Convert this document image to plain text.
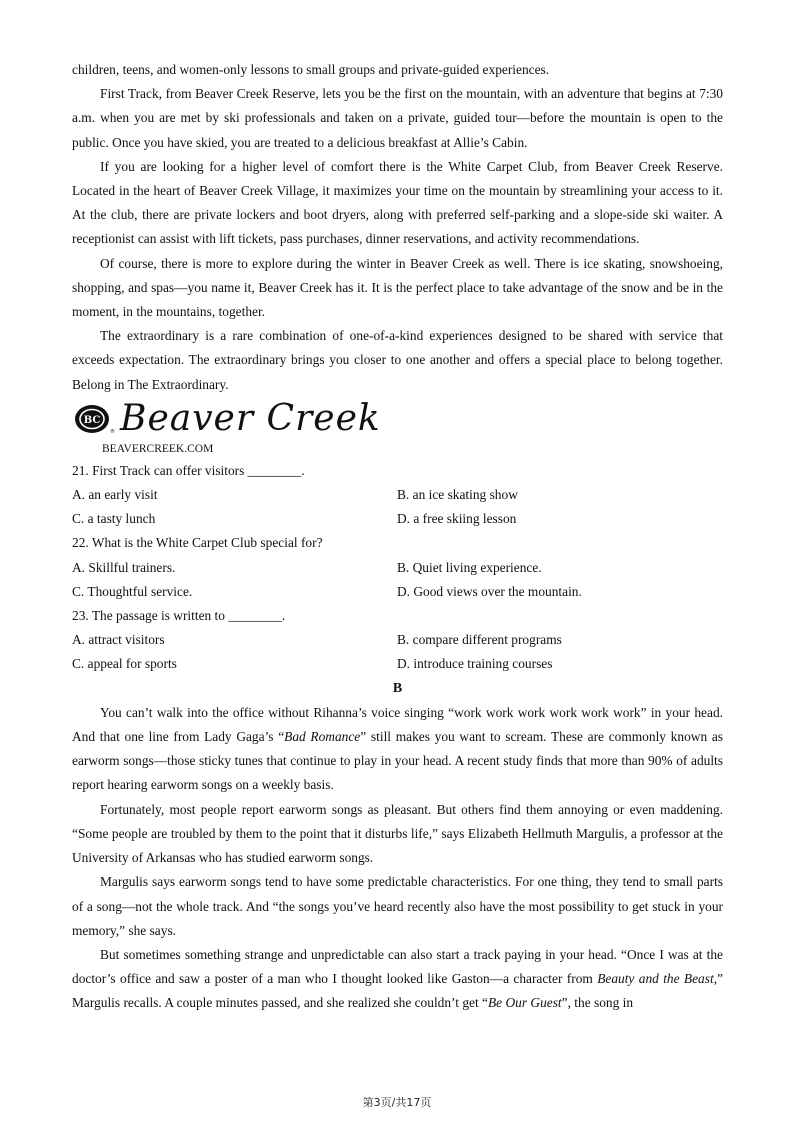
children, teens, and women-only lessons to small groups and private-guided experiences.

First Track, from Beaver Creek Reserve, lets you be the first on the mountain, with an adventure that begins at 7:30 a.m. when you are met by ski professionals and taken on a private, guided tour—before the mountain is open to the public. Once you have skied, you are treated to a delicious breakfast at Allie’s Cabin.

If you are looking for a higher level of comfort there is the White Carpet Club, from Beaver Creek Reserve. Located in the heart of Beaver Creek Village, it maximizes your time on the mountain by streamlining your access to it. At the club, there are private lockers and boot dryers, along with preferred self-parking and a slope-side ski waiter. A receptionist can assist with lift tickets, pass purchases, dinner reservations, and activity recommendations.

Of course, there is more to explore during the winter in Beaver Creek as well. There is ice skating, snowshoeing, shopping, and spas—you name it, Beaver Creek has it. It is the perfect place to take advantage of the snow and be in the moment, in the mountains, together.

The extraordinary is a rare combination of one-of-a-kind experiences designed to be shared with service that exceeds expectation. The extraordinary brings you closer to one another and offers a special place to belong together. Belong in The Extraordinary.

BC
® Beaver Creek
BEAVERCREEK.COM
21. First Track can offer visitors ________.
A. an early visit	B. an ice skating show
C. a tasty lunch	D. a free skiing lesson
22. What is the White Carpet Club special for?
A. Skillful trainers.	B. Quiet living experience.
C. Thoughtful service.	D. Good views over the mountain.
23. The passage is written to ________.
A. attract visitors	B. compare different programs
C. appeal for sports	D. introduce training courses
B

You can’t walk into the office without Rihanna’s voice singing “work work work work work work” in your head. And that one line from Lady Gaga’s “Bad Romance” still makes you want to scream. These are commonly known as earworm songs—those sticky tunes that continue to play in your head. A recent study finds that more than 90% of adults report hearing earworm songs on a weekly basis.

Fortunately, most people report earworm songs as pleasant. But others find them annoying or even maddening. “Some people are troubled by them to the point that it disturbs life,” says Elizabeth Hellmuth Margulis, a professor at the University of Arkansas who has studied earworm songs.

Margulis says earworm songs tend to have some predictable characteristics. For one thing, they tend to small parts of a song—not the whole track. And “the songs you’ve heard recently also have the most possibility to get stuck in your memory,” she says.

But sometimes something strange and unpredictable can also start a track paying in your head. “Once I was at the doctor’s office and saw a poster of a man who I thought looked like Gaston—a character from Beauty and the Beast,” Margulis recalls. A couple minutes passed, and she realized she couldn’t get “Be Our Guest”, the song in

第3页/共17页
